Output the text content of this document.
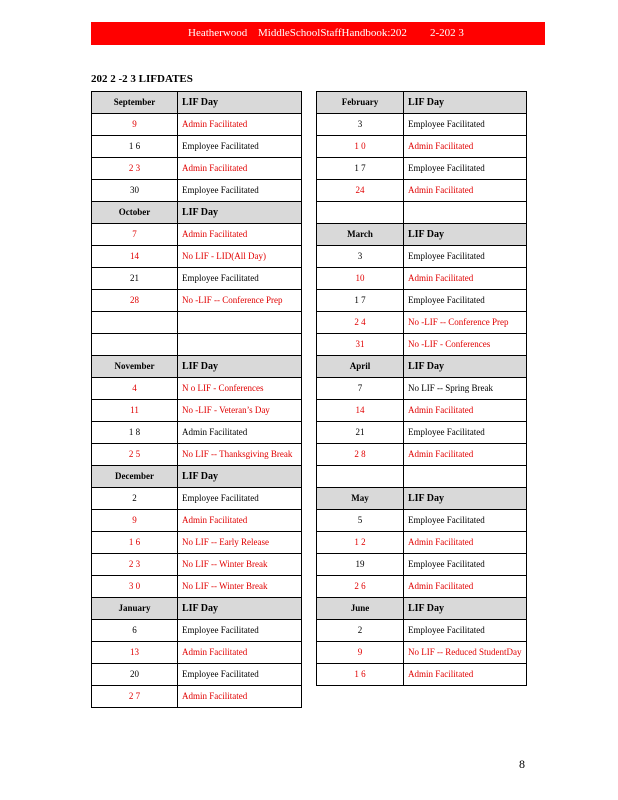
Heatherwood MiddleSchoolStaffHandbook:202 2-202 3
202 2 -2 3 LIFDATES
September	LIF Day
9	Admin Facilitated
1 6	Employee Facilitated
2 3	Admin Facilitated
30	Employee Facilitated
October	LIF Day
7	Admin Facilitated
14	No LIF - LID(All Day)
21	Employee Facilitated
28	No -LIF -- Conference Prep

November	LIF Day
4	N o LIF - Conferences
11	No -LIF - Veteran’s Day
1 8	Admin Facilitated
2 5	No LIF -- Thanksgiving Break
December	LIF Day
2	Employee Facilitated
9	Admin Facilitated
1 6	No LIF -- Early Release
2 3	No LIF -- Winter Break
3 0	No LIF -- Winter Break
January	LIF Day
6	Employee Facilitated
13	Admin Facilitated
20	Employee Facilitated
2 7	Admin Facilitated
February	LIF Day
3	Employee Facilitated
1 0	Admin Facilitated
1 7	Employee Facilitated
24	Admin Facilitated

March	LIF Day
3	Employee Facilitated
10	Admin Facilitated
1 7	Employee Facilitated
2 4	No -LIF -- Conference Prep
31	No -LIF - Conferences
April	LIF Day
7	No LIF -- Spring Break
14	Admin Facilitated
21	Employee Facilitated
2 8	Admin Facilitated

May	LIF Day
5	Employee Facilitated
1 2	Admin Facilitated
19	Employee Facilitated
2 6	Admin Facilitated
June	LIF Day
2	Employee Facilitated
9	No LIF -- Reduced StudentDay
1 6	Admin Facilitated
8
